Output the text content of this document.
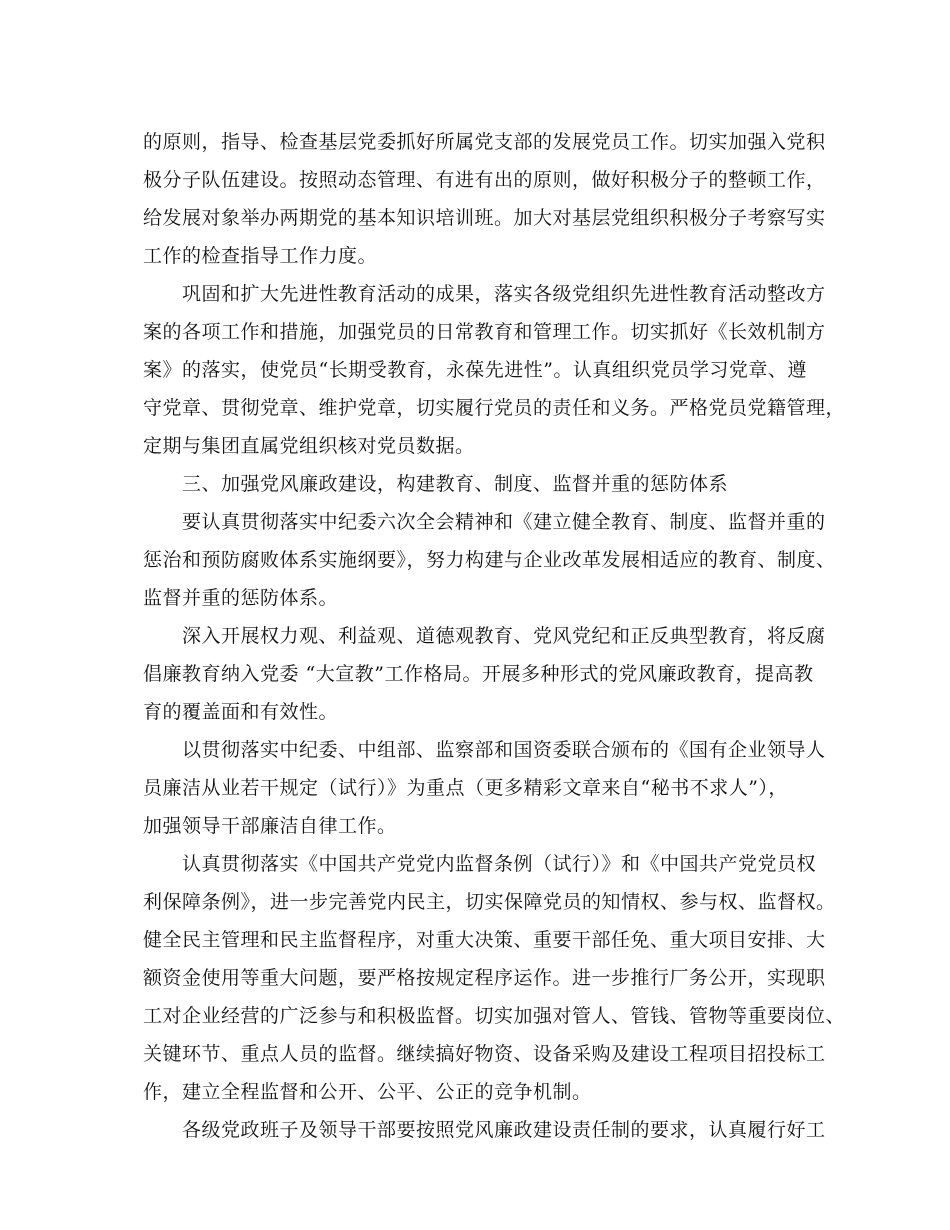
的原则，指导、检查基层党委抓好所属党支部的发展党员工作。切实加强入党积
极分子队伍建设。按照动态管理、有进有出的原则，做好积极分子的整顿工作，
给发展对象举办两期党的基本知识培训班。加大对基层党组织积极分子考察写实
工作的检查指导工作力度。
　　巩固和扩大先进性教育活动的成果，落实各级党组织先进性教育活动整改方
案的各项工作和措施，加强党员的日常教育和管理工作。切实抓好《长效机制方
案》的落实，使党员“长期受教育，永葆先进性”。认真组织党员学习党章、遵
守党章、贯彻党章、维护党章，切实履行党员的责任和义务。严格党员党籍管理，
定期与集团直属党组织核对党员数据。
　　三、加强党风廉政建设，构建教育、制度、监督并重的惩防体系
　　要认真贯彻落实中纪委六次全会精神和《建立健全教育、制度、监督并重的
惩治和预防腐败体系实施纲要》，努力构建与企业改革发展相适应的教育、制度、
监督并重的惩防体系。
　　深入开展权力观、利益观、道德观教育、党风党纪和正反典型教育，将反腐
倡廉教育纳入党委 “大宣教”工作格局。开展多种形式的党风廉政教育，提高教
育的覆盖面和有效性。
　　以贯彻落实中纪委、中组部、监察部和国资委联合颁布的《国有企业领导人
员廉洁从业若干规定（试行）》为重点（更多精彩文章来自“秘书不求人”），
加强领导干部廉洁自律工作。
　　认真贯彻落实《中国共产党党内监督条例（试行）》和《中国共产党党员权
利保障条例》，进一步完善党内民主，切实保障党员的知情权、参与权、监督权。
健全民主管理和民主监督程序，对重大决策、重要干部任免、重大项目安排、大
额资金使用等重大问题，要严格按规定程序运作。进一步推行厂务公开，实现职
工对企业经营的广泛参与和积极监督。切实加强对管人、管钱、管物等重要岗位、
关键环节、重点人员的监督。继续搞好物资、设备采购及建设工程项目招投标工
作，建立全程监督和公开、公平、公正的竞争机制。
　　各级党政班子及领导干部要按照党风廉政建设责任制的要求，认真履行好工
